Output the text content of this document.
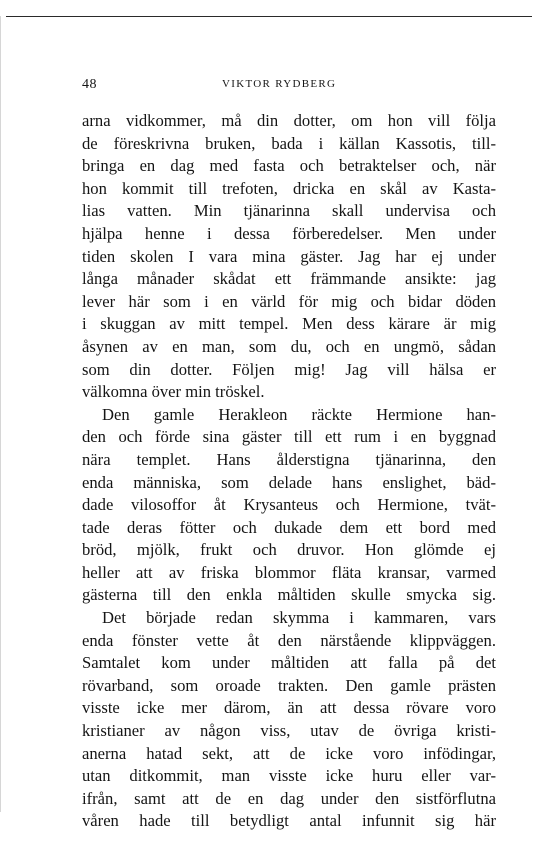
48	VIKTOR RYDBERG
arna vidkommer, må din dotter, om hon vill följa
de föreskrivna bruken, bada i källan Kassotis, till-
bringa en dag med fasta och betraktelser och, när
hon kommit till trefoten, dricka en skål av Kasta-
lias vatten. Min tjänarinna skall undervisa och
hjälpa henne i dessa förberedelser. Men under
tiden skolen I vara mina gäster. Jag har ej under
långa månader skådat ett främmande ansikte: jag
lever här som i en värld för mig och bidar döden
i skuggan av mitt tempel. Men dess kärare är mig
åsynen av en man, som du, och en ungmö, sådan
som din dotter. Följen mig! Jag vill hälsa er
välkomna över min tröskel.
Den gamle Herakleon räckte Hermione han-
den och förde sina gäster till ett rum i en byggnad
nära templet. Hans ålderstigna tjänarinna, den
enda människa, som delade hans enslighet, bäd-
dade vilosoffor åt Krysanteus och Hermione, tvät-
tade deras fötter och dukade dem ett bord med
bröd, mjölk, frukt och druvor. Hon glömde ej
heller att av friska blommor fläta kransar, varmed
gästerna till den enkla måltiden skulle smycka sig.
Det började redan skymma i kammaren, vars
enda fönster vette åt den närstående klippväggen.
Samtalet kom under måltiden att falla på det
rövarband, som oroade trakten. Den gamle prästen
visste icke mer därom, än att dessa rövare voro
kristianer av någon viss, utav de övriga kristi-
anerna hatad sekt, att de icke voro infödingar,
utan ditkommit, man visste icke huru eller var-
ifrån, samt att de en dag under den sistförflutna
våren hade till betydligt antal infunnit sig här
